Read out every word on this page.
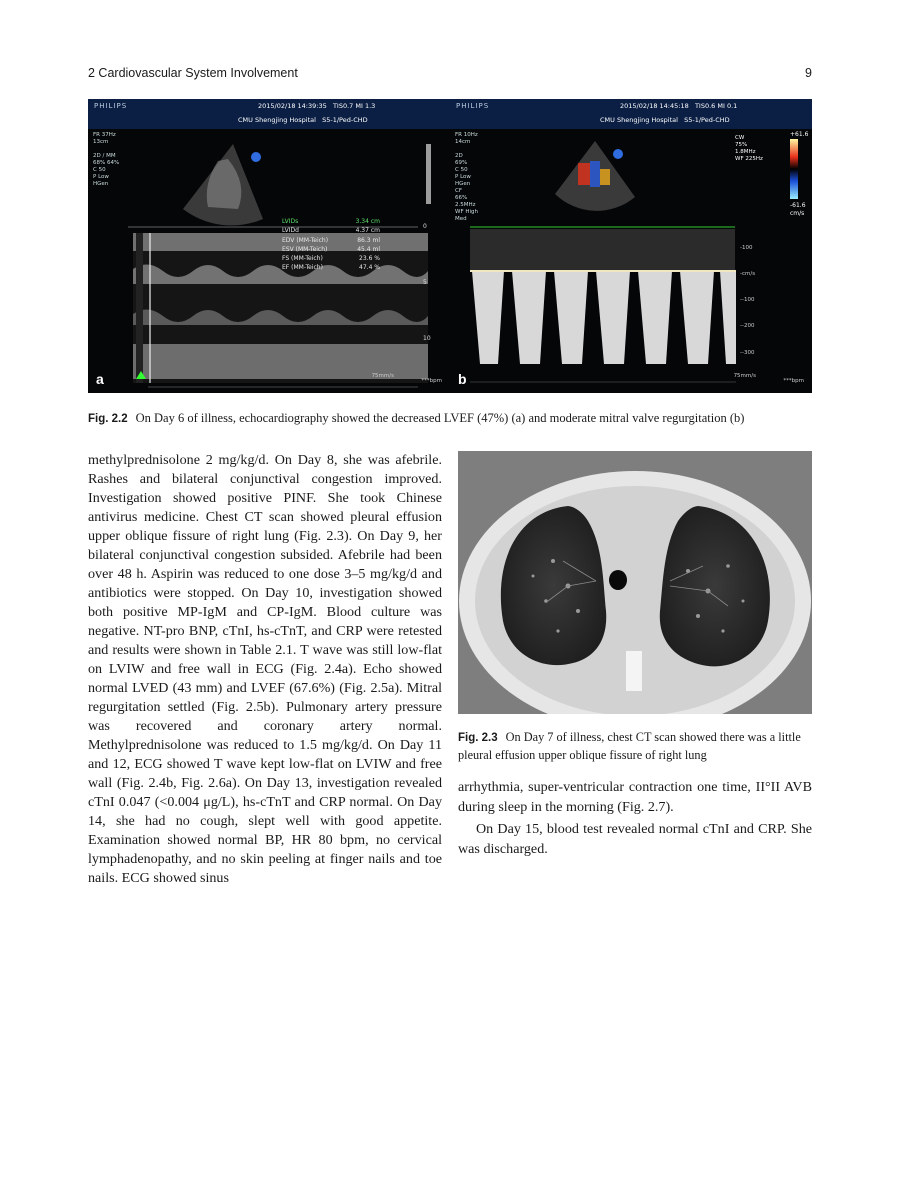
2 Cardiovascular System Involvement	9
PHILIPS	2015/02/18 14:39:35 TIS0.7 MI 1.3
CMU Shengjing Hospital S5-1/Ped-CHD
FR 37Hz
13cm

2D / MM
68% 64%
C 50
P Low
HGen
LVIDs	3.34 cm
LVIDd	4.37 cm
EDV (MM-Teich)	86.3 ml
ESV (MM-Teich)	45.4 ml
FS (MM-Teich)	23.6 %
EF (MM-Teich)	47.4 %
0
5
10
75mm/s
***bpm
a
PHILIPS	2015/02/18 14:45:18 TIS0.6 MI 0.1
CMU Shengjing Hospital S5-1/Ped-CHD
FR 10Hz
14cm

2D
69%
C 50
P Low
HGen
CF
66%
2.5MHz
WF High
Med
CW
75%
1.8MHz
WF 225Hz
-100
-cm/s
--100
--200
--300
+61.6
-61.6
cm/s
75mm/s
***bpm
b
Fig. 2.2 On Day 6 of illness, echocardiography showed the decreased LVEF (47%) (a) and moderate mitral valve regurgitation (b)

methylprednisolone 2 mg/kg/d. On Day 8, she was afebrile. Rashes and bilateral conjunctival congestion improved. Investigation showed positive PINF. She took Chinese antivirus medicine. Chest CT scan showed pleural effusion upper oblique fissure of right lung (Fig. 2.3). On Day 9, her bilateral conjunctival congestion subsided. Afebrile had been over 48 h. Aspirin was reduced to one dose 3–5 mg/kg/d and antibiotics were stopped. On Day 10, investigation showed both positive MP-IgM and CP-IgM. Blood culture was negative. NT-pro BNP, cTnI, hs-cTnT, and CRP were retested and results were shown in Table 2.1. T wave was still low-flat on LVIW and free wall in ECG (Fig. 2.4a). Echo showed normal LVED (43 mm) and LVEF (67.6%) (Fig. 2.5a). Mitral regurgitation settled (Fig. 2.5b). Pulmonary artery pressure was recovered and coronary artery normal. Methylprednisolone was reduced to 1.5 mg/kg/d. On Day 11 and 12, ECG showed T wave kept low-flat on LVIW and free wall (Fig. 2.4b, Fig. 2.6a). On Day 13, investigation revealed cTnI 0.047 (<0.004 μg/L), hs-cTnT and CRP normal. On Day 14, she had no cough, slept well with good appetite. Examination showed normal BP, HR 80 bpm, no cervical lymphadenopathy, and no skin peeling at finger nails and toe nails. ECG showed sinus

Fig. 2.3 On Day 7 of illness, chest CT scan showed there was a little pleural effusion upper oblique fissure of right lung

arrhythmia, super-ventricular contraction one time, II°II AVB during sleep in the morning (Fig. 2.7).

On Day 15, blood test revealed normal cTnI and CRP. She was discharged.
